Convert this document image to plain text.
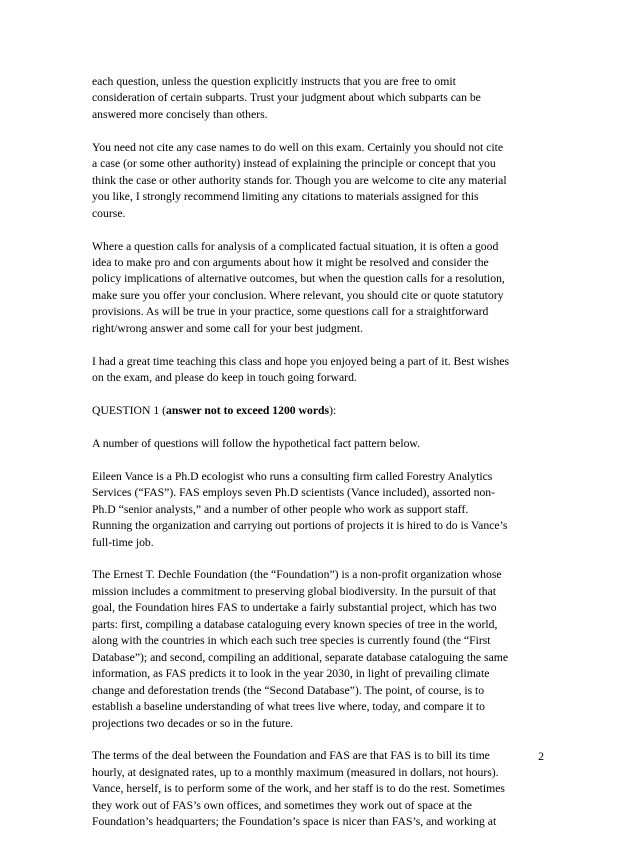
each question, unless the question explicitly instructs that you are free to omit
consideration of certain subparts. Trust your judgment about which subparts can be
answered more concisely than others.

You need not cite any case names to do well on this exam. Certainly you should not cite
a case (or some other authority) instead of explaining the principle or concept that you
think the case or other authority stands for. Though you are welcome to cite any material
you like, I strongly recommend limiting any citations to materials assigned for this
course.

Where a question calls for analysis of a complicated factual situation, it is often a good
idea to make pro and con arguments about how it might be resolved and consider the
policy implications of alternative outcomes, but when the question calls for a resolution,
make sure you offer your conclusion. Where relevant, you should cite or quote statutory
provisions. As will be true in your practice, some questions call for a straightforward
right/wrong answer and some call for your best judgment.

I had a great time teaching this class and hope you enjoyed being a part of it. Best wishes
on the exam, and please do keep in touch going forward.

QUESTION 1 (answer not to exceed 1200 words):

A number of questions will follow the hypothetical fact pattern below.

Eileen Vance is a Ph.D ecologist who runs a consulting firm called Forestry Analytics
Services (“FAS”). FAS employs seven Ph.D scientists (Vance included), assorted non-
Ph.D “senior analysts,” and a number of other people who work as support staff.
Running the organization and carrying out portions of projects it is hired to do is Vance’s
full-time job.

The Ernest T. Dechle Foundation (the “Foundation”) is a non-profit organization whose
mission includes a commitment to preserving global biodiversity. In the pursuit of that
goal, the Foundation hires FAS to undertake a fairly substantial project, which has two
parts: first, compiling a database cataloguing every known species of tree in the world,
along with the countries in which each such tree species is currently found (the “First
Database”); and second, compiling an additional, separate database cataloguing the same
information, as FAS predicts it to look in the year 2030, in light of prevailing climate
change and deforestation trends (the “Second Database”). The point, of course, is to
establish a baseline understanding of what trees live where, today, and compare it to
projections two decades or so in the future.

The terms of the deal between the Foundation and FAS are that FAS is to bill its time
hourly, at designated rates, up to a monthly maximum (measured in dollars, not hours).
Vance, herself, is to perform some of the work, and her staff is to do the rest. Sometimes
they work out of FAS’s own offices, and sometimes they work out of space at the
Foundation’s headquarters; the Foundation’s space is nicer than FAS’s, and working at

2
